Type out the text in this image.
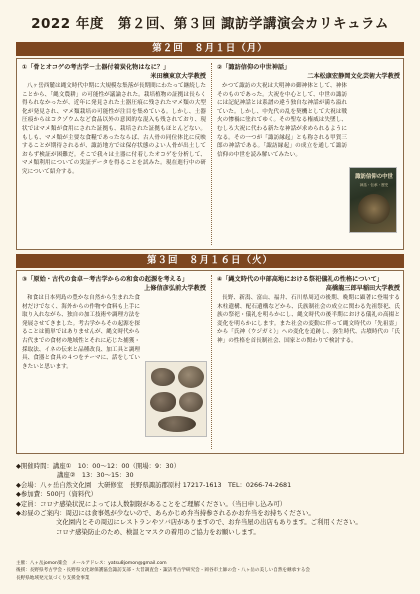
2022 年度　第２回、第３回 諏訪学講演会カリキュラム
第２回　８月１日（月）
①「骨とオコゲの考古学－土器付着炭化物はなに？」
米田穣東京大学教授
八ヶ岳西麓は縄文時代中期に大規模な集落が長期間にわたって継続したことから、「縄文農耕」の可能性が議論された。栽培植物の証拠は長らく得られなかったが、近年に発見された土器圧痕に残されたマメ類の大型化が発見され、マメ類栽培の可能性が注目を集めている。しかし、土器圧痕からはコクゾウムなど食品以外の意図的な混入も残されており、現状ではマメ類が食用にされた証拠も、栽培された証拠もほとんどない。もしも、マメ類が主要な食糧であったならば、古人骨の同位体比に反映することが期待されるが、諏訪地方では保存状態のよい人骨が出土しておらず検証が困難だ。そこで我々は土器に付着したオコゲを分析して、マメ類利用についての実証データを得ることを試みた。現在進行中の研究について紹介する。
②「諏訪信仰の中世神話」
二本松康宏静岡文化芸術大学教授
かつて諏訪の大祝は大明神の御神体として、神体そのものであった。大祝を中心として、中世の諏訪には記紀神話とは系譜の違う独自な神話が満ち溢れていた。しかし、中先代の乱を契機として大祝は戦火の惨禍に塗れてゆく。その聖なる権威は失墜し、むしろ大祝に代わる新たな神話が求められるようになる。その一つが「諏訪縁起」とも称される甲賀三郎の神話である。「諏訪縁起」の成立を通して諏訪信仰の中世を読み解いてみたい。
諏訪信仰の中世
神話・伝承・歴史
第３回　８月１６日（火）
③「原始・古代の食卓－考古学からの和食の起源を考える」
上條信彦弘前大学教授
和食は日本列島の豊かな自然から生まれた食材だけでなく、海外からの作物や食料も上手に取り入れながら、独自の加工技術や調理方法を発展させてきました。考古学からその起源を探ることは簡単ではありませんが、縄文時代から古代までの食材の地域性とそれに応じた捕獲・採取法、イネの伝来と品種改良、加工具と調理具、食器と食具の４つをテーマに、話をしていきたいと思います。
④「縄文時代の中部高地における祭祀儀礼の性格について」
高橋龍三郎早稲田大学教授
長野、新潟、富山、福井、石川県周辺の後期、晩期に顕著に登場する木柱遺構、配石遺構などから、氏族制社会の成立に関わる先祖祭祀、氏族の祭祀・儀礼を明らかにし、縄文時代の後半期における儀礼の高揚と変化を明らかにします。また社会の変動に伴って縄文時代の「先祖霊」から「氏神（ウジガミ）」への変化を追跡し、弥生時代、古墳時代の「氏神」の性格を首長制社会、国家との関わりで検討する。
◆開催時間：講座①　10：00～12：00（開場：9：30）
講座②　13：30～15：30
◆会場：八ヶ岳自然文化園　大研修室　長野県諏訪郡原村 17217-1613　TEL：0266-74-2681
◆参加費：500円（資料代）
◆定員：コロナ感染状況によっては人数制限があることをご理解ください。（当日申し込み可）
◆お昼のご案内：周辺には食事処が少ないので、あらかじめ弁当持参されるかお弁当をお持ちください。
文化園内とその周辺にレストランやソバ店がありますので、お弁当屋の出店もあります。ご利用ください。
コロナ感染防止のため、検温とマスクの着用のご協力をお願いします。
主催：八ヶ岳jomon楽会　メールアドレス：yatsu8jomon@gmail.com
後援：長野県考古学会・長野県文化財保護協会諏訪支部・大昔調査会・諏訪考古学研究会・岡谷市土師の会・八ヶ岳の美しい自然を継承する会
長野県地域発元気づくり支援金事業
